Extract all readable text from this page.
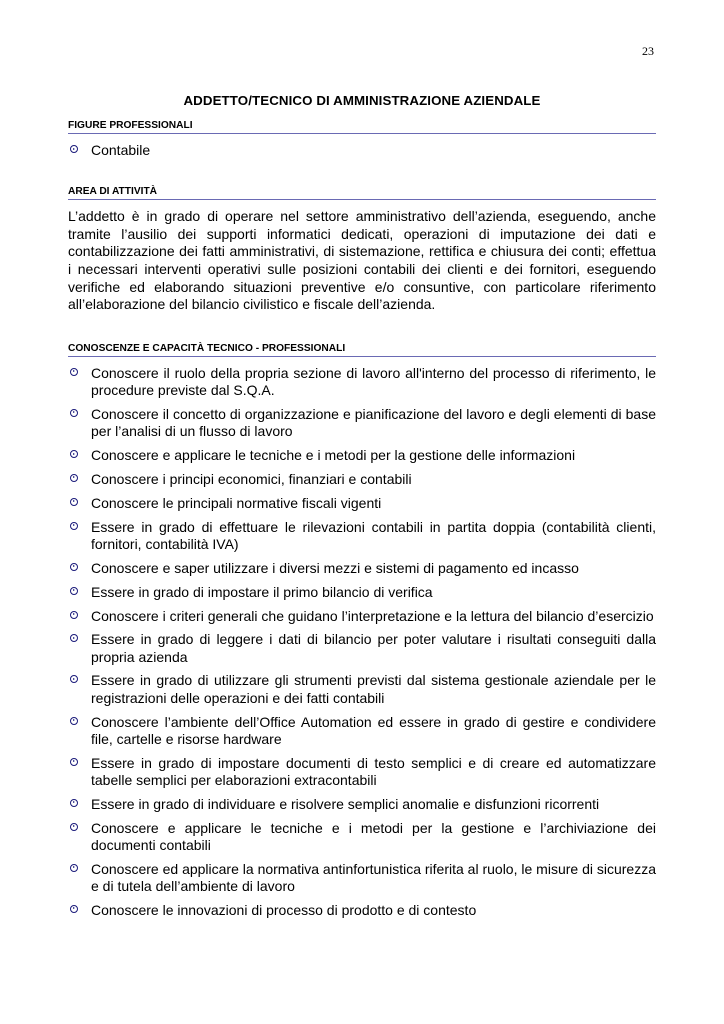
23
ADDETTO/TECNICO DI AMMINISTRAZIONE AZIENDALE
FIGURE PROFESSIONALI
Contabile
AREA DI ATTIVITÀ

L’addetto è in grado di operare nel settore amministrativo dell’azienda, eseguendo, anche tramite l’ausilio dei supporti informatici dedicati, operazioni di imputazione dei dati e contabilizzazione dei fatti amministrativi, di sistemazione, rettifica e chiusura dei conti; effettua i necessari interventi operativi sulle posizioni contabili dei clienti e dei fornitori, eseguendo verifiche ed elaborando situazioni preventive e/o consuntive, con particolare riferimento all’elaborazione del bilancio civilistico e fiscale dell’azienda.

CONOSCENZE E CAPACITÀ TECNICO - PROFESSIONALI
Conoscere il ruolo della propria sezione di lavoro all'interno del processo di riferimento, le procedure previste dal S.Q.A.
Conoscere il concetto di organizzazione e pianificazione del lavoro e degli elementi di base per l’analisi di un flusso di lavoro
Conoscere e applicare le tecniche e i metodi per la gestione delle informazioni
Conoscere i principi economici, finanziari e contabili
Conoscere le principali normative fiscali vigenti
Essere in grado di effettuare le rilevazioni contabili in partita doppia (contabilità clienti, fornitori, contabilità IVA)
Conoscere e saper utilizzare i diversi mezzi e sistemi di pagamento ed incasso
Essere in grado di impostare il primo bilancio di verifica
Conoscere i criteri generali che guidano l’interpretazione e la lettura del bilancio d’esercizio
Essere in grado di leggere i dati di bilancio per poter valutare i risultati conseguiti dalla propria azienda
Essere in grado di utilizzare gli strumenti previsti dal sistema gestionale aziendale per le registrazioni delle operazioni e dei fatti contabili
Conoscere l’ambiente dell’Office Automation ed essere in grado di gestire e condividere file, cartelle e risorse hardware
Essere in grado di impostare documenti di testo semplici e di creare ed automatizzare tabelle semplici per elaborazioni extracontabili
Essere in grado di individuare e risolvere semplici anomalie e disfunzioni ricorrenti
Conoscere e applicare le tecniche e i metodi per la gestione e l’archiviazione dei documenti contabili
Conoscere ed applicare la normativa antinfortunistica riferita al ruolo, le misure di sicurezza e di tutela dell’ambiente di lavoro
Conoscere le innovazioni di processo di prodotto e di contesto
